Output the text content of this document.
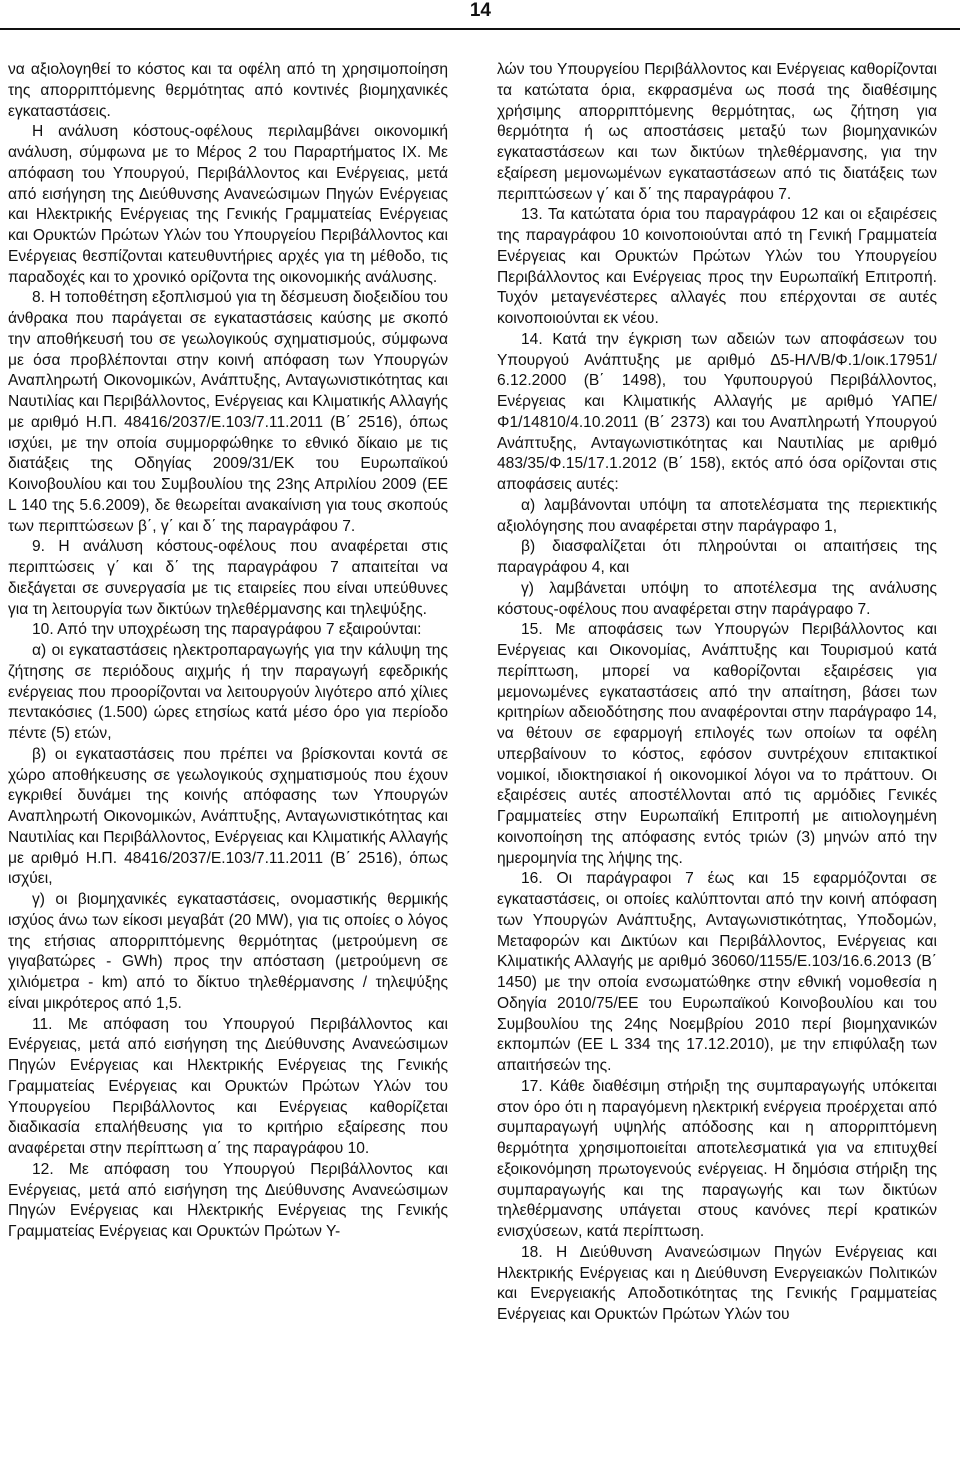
14

να αξιολογηθεί το κόστος και τα οφέλη από τη χρησιμοποίηση της απορριπτόμενης θερμότητας από κοντινές βιομηχανικές εγκαταστάσεις.

Η ανάλυση κόστους-οφέλους περιλαμβάνει οικονομική ανάλυση, σύμφωνα με το Μέρος 2 του Παραρτήματος ΙΧ. Με απόφαση του Υπουργού, Περιβάλλοντος και Ενέργειας, μετά από εισήγηση της Διεύθυνσης Ανανεώσιμων Πηγών Ενέργειας και Ηλεκτρικής Ενέργειας της Γενικής Γραμματείας Ενέργειας και Ορυκτών Πρώτων Υλών του Υπουργείου Περιβάλλοντος και Ενέργειας θεσπίζονται κατευθυντήριες αρχές για τη μέθοδο, τις παραδοχές και το χρονικό ορίζοντα της οικονομικής ανάλυσης.

8. Η τοποθέτηση εξοπλισμού για τη δέσμευση διοξειδίου του άνθρακα που παράγεται σε εγκαταστάσεις καύσης με σκοπό την αποθήκευσή του σε γεωλογικούς σχηματισμούς, σύμφωνα με όσα προβλέπονται στην κοινή απόφαση των Υπουργών Αναπληρωτή Οικονομικών, Ανάπτυξης, Ανταγωνιστικότητας και Ναυτιλίας και Περιβάλλοντος, Ενέργειας και Κλιματικής Αλλαγής με αριθμό Η.Π. 48416/2037/Ε.103/7.11.2011 (Β΄ 2516), όπως ισχύει, με την οποία συμμορφώθηκε το εθνικό δίκαιο με τις διατάξεις της Οδηγίας 2009/31/ΕΚ του Ευρωπαϊκού Κοινοβουλίου και του Συμβουλίου της 23ης Απριλίου 2009 (ΕΕ L 140 της 5.6.2009), δε θεωρείται ανακαίνιση για τους σκοπούς των περιπτώσεων β΄, γ΄ και δ΄ της παραγράφου 7.

9. Η ανάλυση κόστους-οφέλους που αναφέρεται στις περιπτώσεις γ΄ και δ΄ της παραγράφου 7 απαιτείται να διεξάγεται σε συνεργασία με τις εταιρείες που είναι υπεύθυνες για τη λειτουργία των δικτύων τηλεθέρμανσης και τηλεψύξης.

10. Από την υποχρέωση της παραγράφου 7 εξαιρούνται:

α) οι εγκαταστάσεις ηλεκτροπαραγωγής για την κάλυψη της ζήτησης σε περιόδους αιχμής ή την παραγωγή εφεδρικής ενέργειας που προορίζονται να λειτουργούν λιγότερο από χίλιες πεντακόσιες (1.500) ώρες ετησίως κατά μέσο όρο για περίοδο πέντε (5) ετών,

β) οι εγκαταστάσεις που πρέπει να βρίσκονται κοντά σε χώρο αποθήκευσης σε γεωλογικούς σχηματισμούς που έχουν εγκριθεί δυνάμει της κοινής απόφασης των Υπουργών Αναπληρωτή Οικονομικών, Ανάπτυξης, Ανταγωνιστικότητας και Ναυτιλίας και Περιβάλλοντος, Ενέργειας και Κλιματικής Αλλαγής με αριθμό Η.Π. 48416/2037/Ε.103/7.11.2011 (Β΄ 2516), όπως ισχύει,

γ) οι βιομηχανικές εγκαταστάσεις, ονομαστικής θερμικής ισχύος άνω των είκοσι μεγαβάτ (20 MW), για τις οποίες ο λόγος της ετήσιας απορριπτόμενης θερμότητας (μετρούμενη σε γιγαβατώρες - GWh) προς την απόσταση (μετρούμενη σε χιλιόμετρα - km) από το δίκτυο τηλεθέρμανσης / τηλεψύξης είναι μικρότερος από 1,5.

11. Με απόφαση του Υπουργού Περιβάλλοντος και Ενέργειας, μετά από εισήγηση της Διεύθυνσης Ανανεώσιμων Πηγών Ενέργειας και Ηλεκτρικής Ενέργειας της Γενικής Γραμματείας Ενέργειας και Ορυκτών Πρώτων Υλών του Υπουργείου Περιβάλλοντος και Ενέργειας καθορίζεται διαδικασία επαλήθευσης για το κριτήριο εξαίρεσης που αναφέρεται στην περίπτωση α΄ της παραγράφου 10.

12. Με απόφαση του Υπουργού Περιβάλλοντος και Ενέργειας, μετά από εισήγηση της Διεύθυνσης Ανανεώσιμων Πηγών Ενέργειας και Ηλεκτρικής Ενέργειας της Γενικής Γραμματείας Ενέργειας και Ορυκτών Πρώτων Υ-

λών του Υπουργείου Περιβάλλοντος και Ενέργειας καθορίζονται τα κατώτατα όρια, εκφρασμένα ως ποσά της διαθέσιμης χρήσιμης απορριπτόμενης θερμότητας, ως ζήτηση για θερμότητα ή ως αποστάσεις μεταξύ των βιομηχανικών εγκαταστάσεων και των δικτύων τηλεθέρμανσης, για την εξαίρεση μεμονωμένων εγκαταστάσεων από τις διατάξεις των περιπτώσεων γ΄ και δ΄ της παραγράφου 7.

13. Τα κατώτατα όρια του παραγράφου 12 και οι εξαιρέσεις της παραγράφου 10 κοινοποιούνται από τη Γενική Γραμματεία Ενέργειας και Ορυκτών Πρώτων Υλών του Υπουργείου Περιβάλλοντος και Ενέργειας προς την Ευρωπαϊκή Επιτροπή. Τυχόν μεταγενέστερες αλλαγές που επέρχονται σε αυτές κοινοποιούνται εκ νέου.

14. Κατά την έγκριση των αδειών των αποφάσεων του Υπουργού Ανάπτυξης με αριθμό Δ5-ΗΛ/Β/Φ.1/οικ.17951/ 6.12.2000 (Β΄ 1498), του Υφυπουργού Περιβάλλοντος, Ενέργειας και Κλιματικής Αλλαγής με αριθμό ΥΑΠΕ/Φ1/14810/4.10.2011 (Β΄ 2373) και του Αναπληρωτή Υπουργού Ανάπτυξης, Ανταγωνιστικότητας και Ναυτιλίας με αριθμό 483/35/Φ.15/17.1.2012 (Β΄ 158), εκτός από όσα ορίζονται στις αποφάσεις αυτές:

α) λαμβάνονται υπόψη τα αποτελέσματα της περιεκτικής αξιολόγησης που αναφέρεται στην παράγραφο 1,

β) διασφαλίζεται ότι πληρούνται οι απαιτήσεις της παραγράφου 4, και

γ) λαμβάνεται υπόψη το αποτέλεσμα της ανάλυσης κόστους-οφέλους που αναφέρεται στην παράγραφο 7.

15. Με αποφάσεις των Υπουργών Περιβάλλοντος και Ενέργειας και Οικονομίας, Ανάπτυξης και Τουρισμού κατά περίπτωση, μπορεί να καθορίζονται εξαιρέσεις για μεμονωμένες εγκαταστάσεις από την απαίτηση, βάσει των κριτηρίων αδειοδότησης που αναφέρονται στην παράγραφο 14, να θέτουν σε εφαρμογή επιλογές των οποίων τα οφέλη υπερβαίνουν το κόστος, εφόσον συντρέχουν επιτακτικοί νομικοί, ιδιοκτησιακοί ή οικονομικοί λόγοι να το πράττουν. Οι εξαιρέσεις αυτές αποστέλλονται από τις αρμόδιες Γενικές Γραμματείες στην Ευρωπαϊκή Επιτροπή με αιτιολογημένη κοινοποίηση της απόφασης εντός τριών (3) μηνών από την ημερομηνία της λήψης της.

16. Οι παράγραφοι 7 έως και 15 εφαρμόζονται σε εγκαταστάσεις, οι οποίες καλύπτονται από την κοινή απόφαση των Υπουργών Ανάπτυξης, Ανταγωνιστικότητας, Υποδομών, Μεταφορών και Δικτύων και Περιβάλλοντος, Ενέργειας και Κλιματικής Αλλαγής με αριθμό 36060/1155/Ε.103/16.6.2013 (Β΄ 1450) με την οποία ενσωματώθηκε στην εθνική νομοθεσία η Οδηγία 2010/75/ΕΕ του Ευρωπαϊκού Κοινοβουλίου και του Συμβουλίου της 24ης Νοεμβρίου 2010 περί βιομηχανικών εκπομπών (ΕΕ L 334 της 17.12.2010), με την επιφύλαξη των απαιτήσεών της.

17. Κάθε διαθέσιμη στήριξη της συμπαραγωγής υπόκειται στον όρο ότι η παραγόμενη ηλεκτρική ενέργεια προέρχεται από συμπαραγωγή υψηλής απόδοσης και η απορριπτόμενη θερμότητα χρησιμοποιείται αποτελεσματικά για να επιτυχθεί εξοικονόμηση πρωτογενούς ενέργειας. Η δημόσια στήριξη της συμπαραγωγής και της παραγωγής και των δικτύων τηλεθέρμανσης υπάγεται στους κανόνες περί κρατικών ενισχύσεων, κατά περίπτωση.

18. Η Διεύθυνση Ανανεώσιμων Πηγών Ενέργειας και Ηλεκτρικής Ενέργειας και η Διεύθυνση Ενεργειακών Πολιτικών και Ενεργειακής Αποδοτικότητας της Γενικής Γραμματείας Ενέργειας και Ορυκτών Πρώτων Υλών του
